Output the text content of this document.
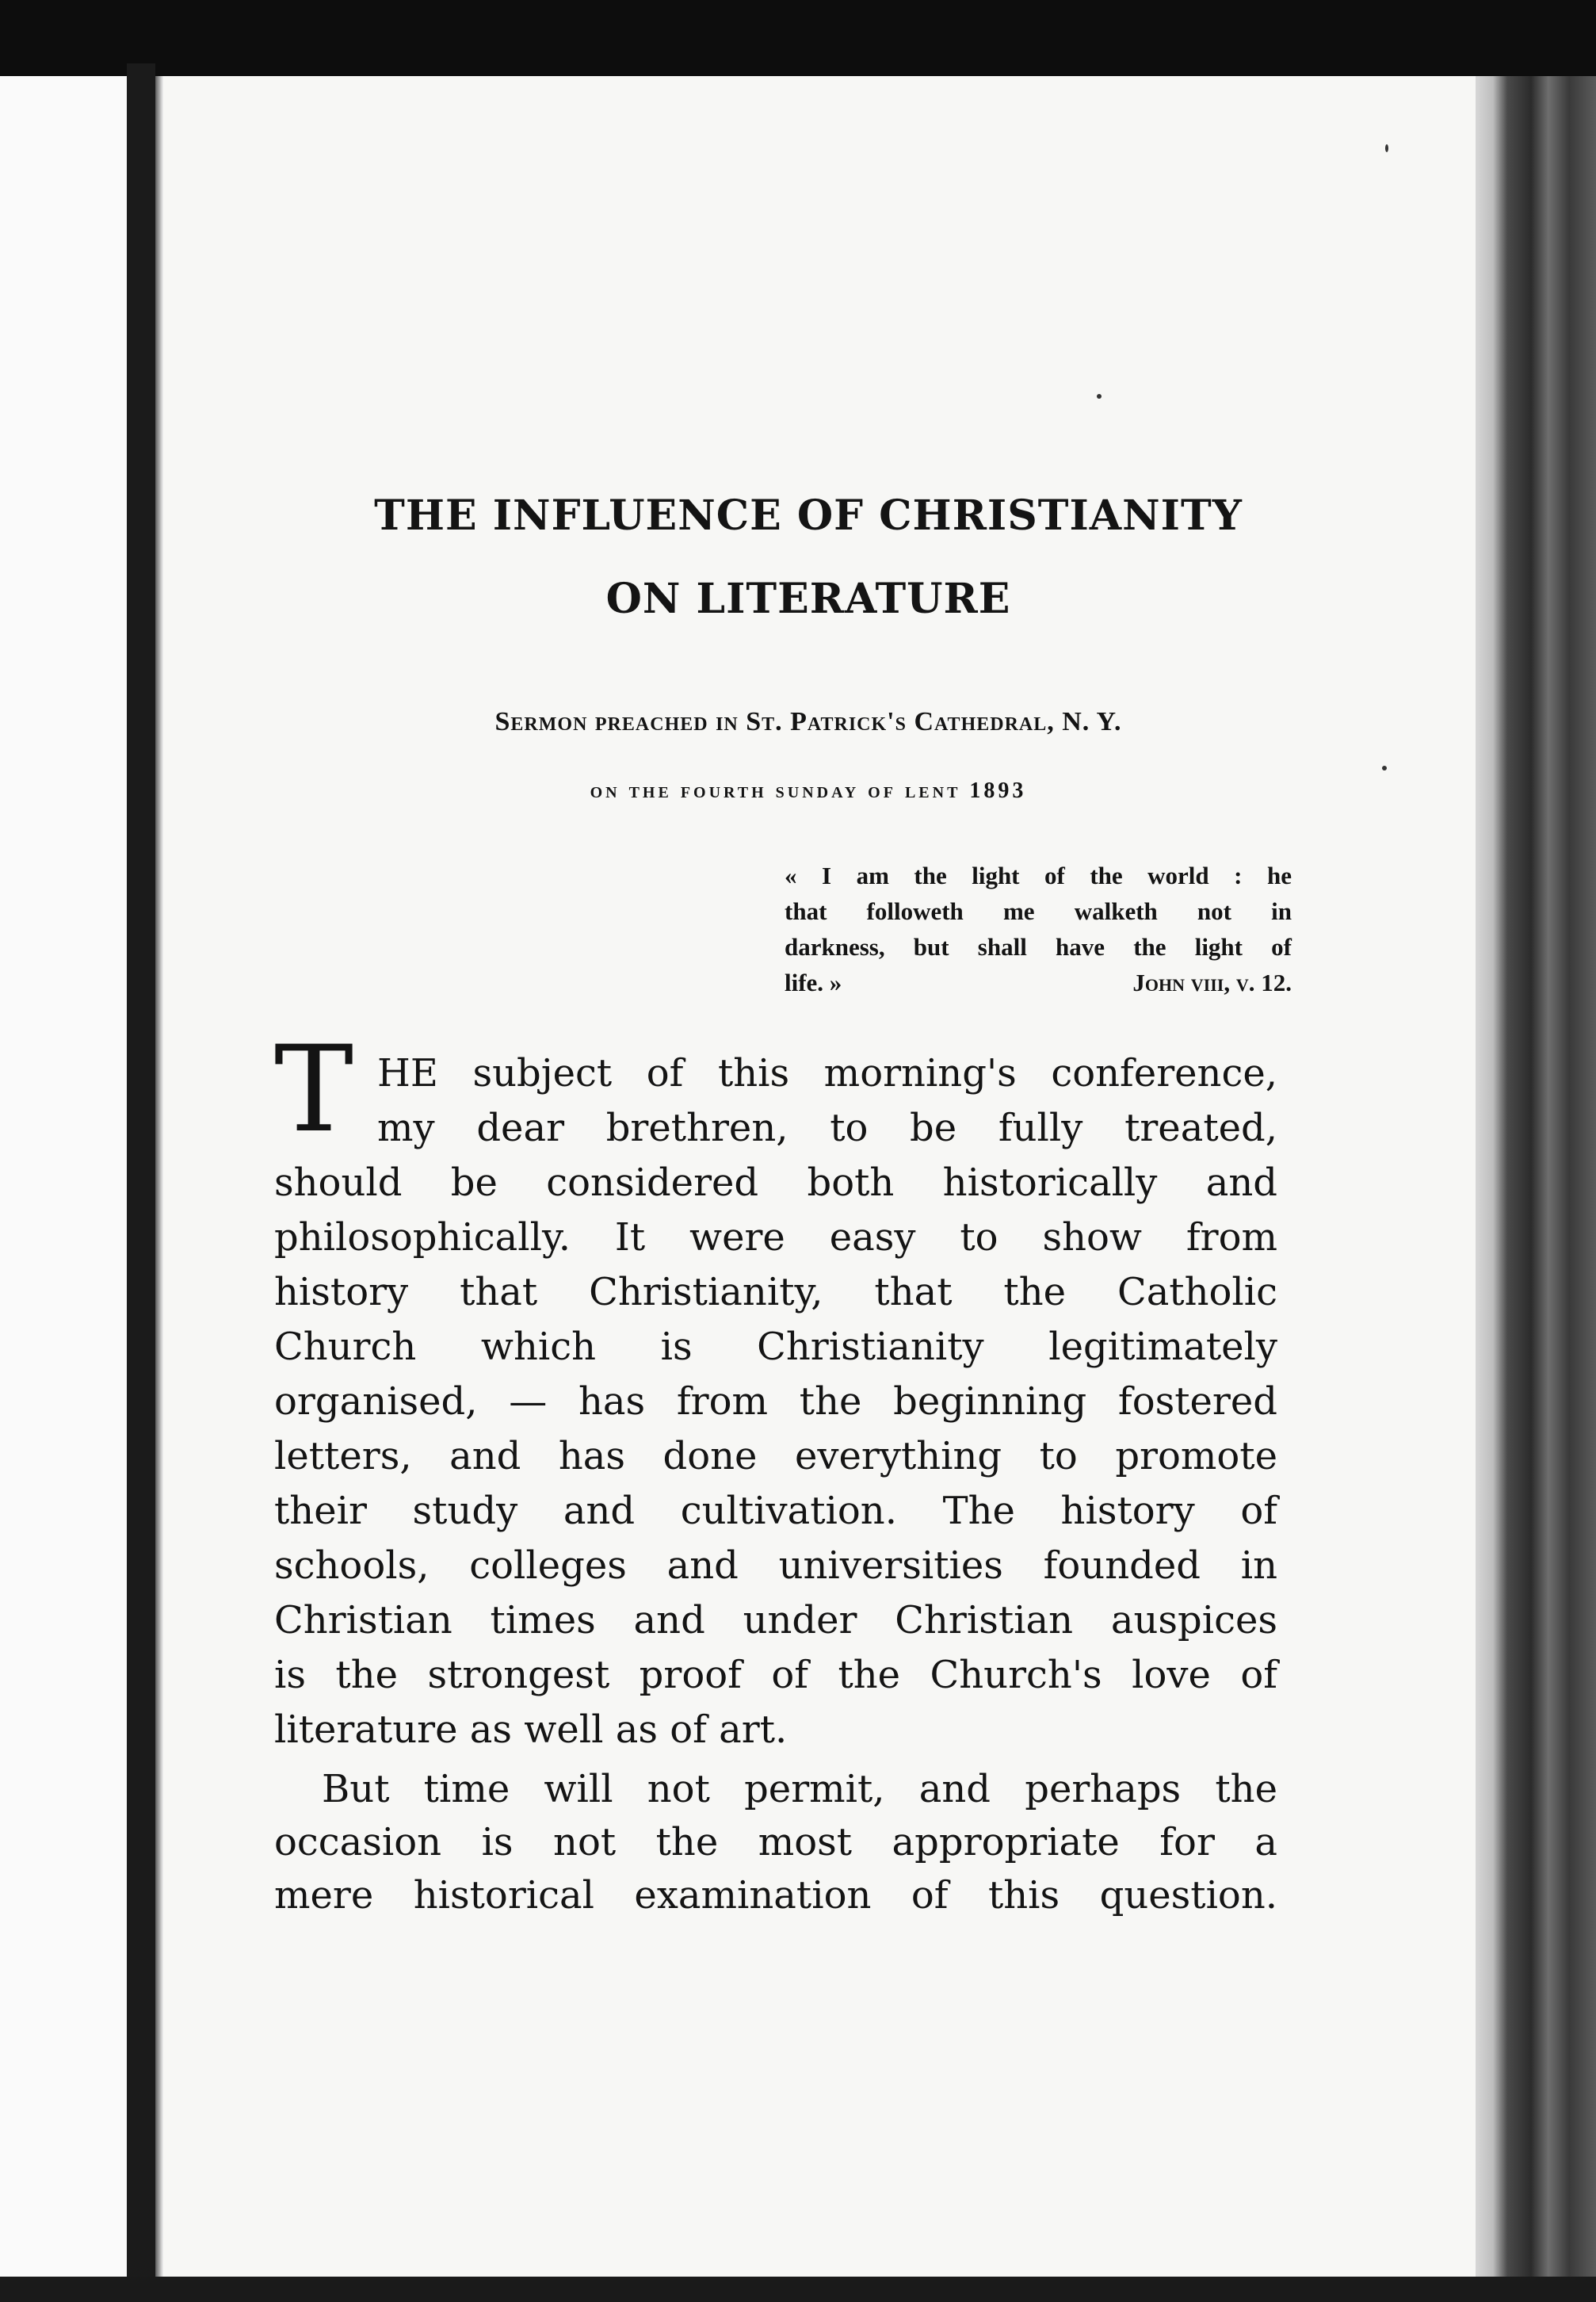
THE INFLUENCE OF CHRISTIANITY
ON LITERATURE

Sermon preached in St. Patrick's Cathedral, N. Y.

on the fourth sunday of lent 1893

« I am the light of the world : he
that followeth me walketh not in
darkness, but shall have the light of
life. »	John viii, v. 12.
T HE subject of this morning's conference,
my dear brethren, to be fully treated,
should be considered both historically and
philosophically. It were easy to show from
history that Christianity, that the Catholic
Church which is Christianity legitimately
organised, — has from the beginning fostered
letters, and has done everything to promote
their study and cultivation. The history of
schools, colleges and universities founded in
Christian times and under Christian auspices
is the strongest proof of the Church's love of
literature as well as of art.
But time will not permit, and perhaps the
occasion is not the most appropriate for a
mere historical examination of this question.
